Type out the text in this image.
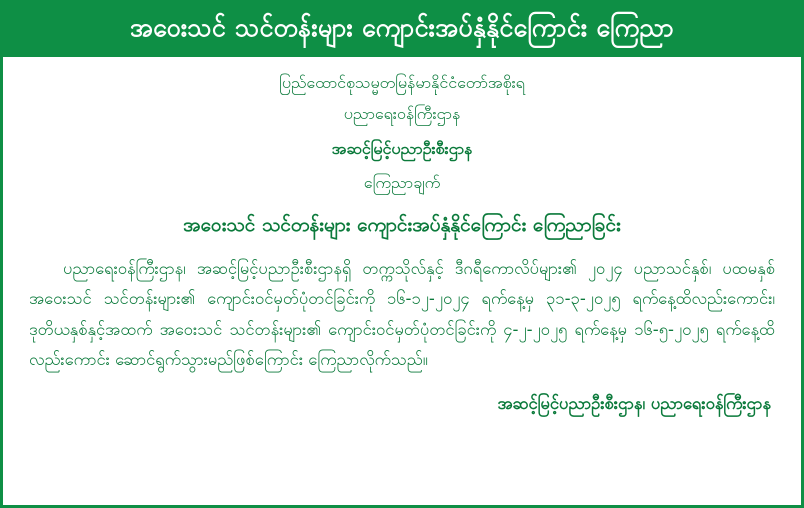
အဝေးသင် သင်တန်းများ ကျောင်းအပ်နှံနိုင်ကြောင်း ကြေညာ

ပြည်ထောင်စုသမ္မတမြန်မာနိုင်ငံတော်အစိုးရ

ပညာရေးဝန်ကြီးဌာန

အဆင့်မြင့်ပညာဦးစီးဌာန

ကြေညာချက်

အဝေးသင် သင်တန်းများ ကျောင်းအပ်နှံနိုင်ကြောင်း ကြေညာခြင်း

ပညာရေးဝန်ကြီးဌာန၊ အဆင့်မြင့်ပညာဦးစီးဌာနရှိ တက္ကသိုလ်နှင့် ဒီဂရီကောလိပ်များ၏ ၂၀၂၄ ပညာသင်နှစ်၊ ပထမနှစ် အဝေးသင် သင်တန်းများ၏ ကျောင်းဝင်မှတ်ပုံတင်ခြင်းကို ၁၆-၁၂-၂၀၂၄ ရက်နေ့မှ ၃၁-၃-၂၀၂၅ ရက်နေ့ထိလည်းကောင်း၊ ဒုတိယနှစ်နှင့်အထက် အဝေးသင် သင်တန်းများ၏ ကျောင်းဝင်မှတ်ပုံတင်ခြင်းကို ၄-၂-၂၀၂၅ ရက်နေ့မှ ၁၆-၅-၂၀၂၅ ရက်နေ့ထိလည်းကောင်း ဆောင်ရွက်သွားမည်ဖြစ်ကြောင်း ကြေညာလိုက်သည်။

အဆင့်မြင့်ပညာဦးစီးဌာန၊ ပညာရေးဝန်ကြီးဌာန
